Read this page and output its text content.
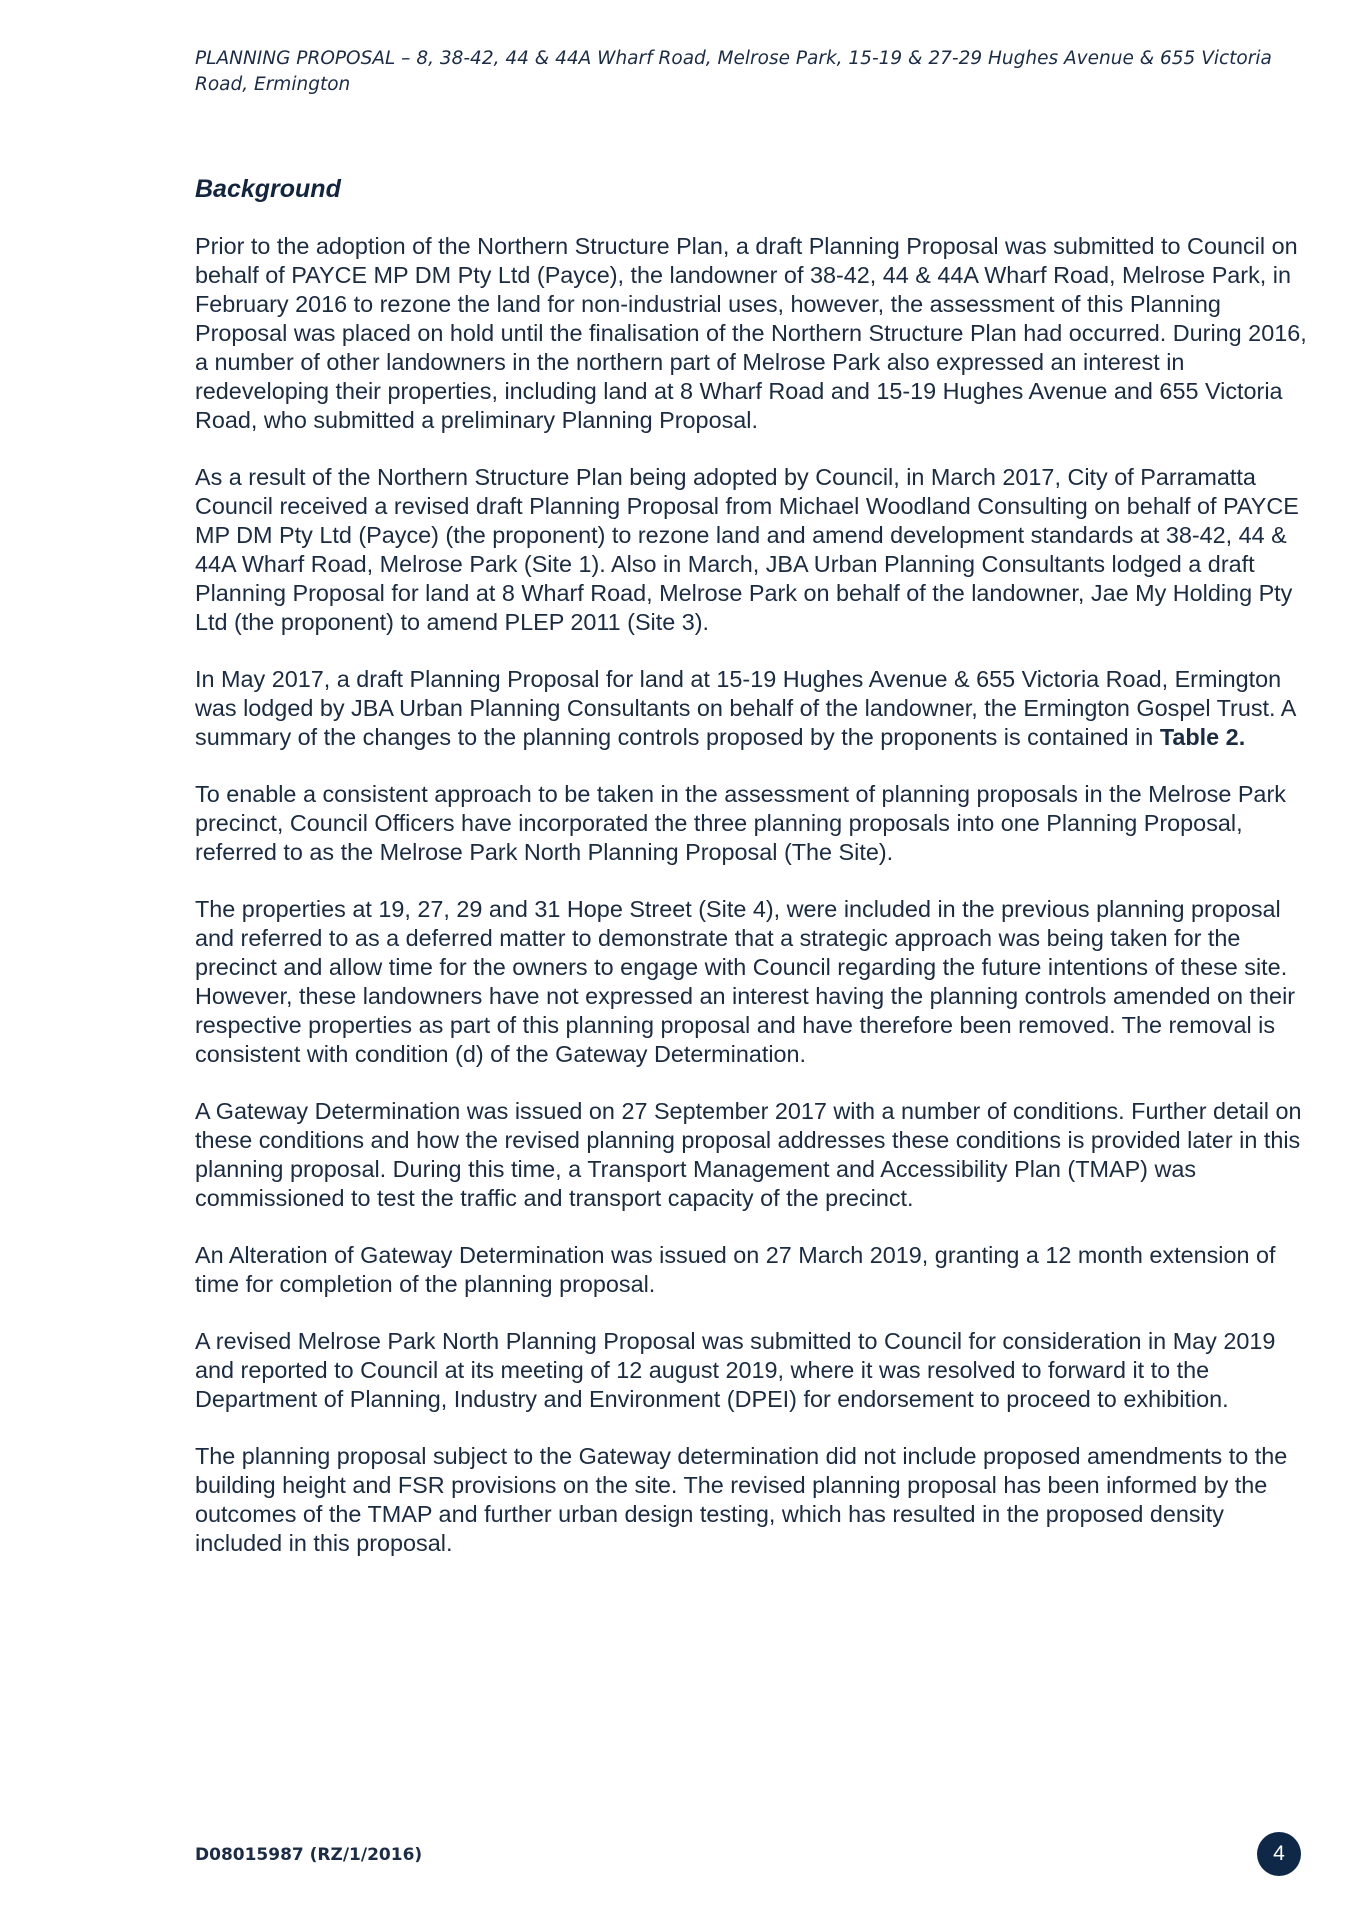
PLANNING PROPOSAL – 8, 38-42, 44 & 44A Wharf Road, Melrose Park, 15-19 & 27-29 Hughes Avenue & 655 Victoria Road, Ermington

Background

Prior to the adoption of the Northern Structure Plan, a draft Planning Proposal was submitted to Council on behalf of PAYCE MP DM Pty Ltd (Payce), the landowner of 38-42, 44 & 44A Wharf Road, Melrose Park, in February 2016 to rezone the land for non-industrial uses, however, the assessment of this Planning Proposal was placed on hold until the finalisation of the Northern Structure Plan had occurred. During 2016, a number of other landowners in the northern part of Melrose Park also expressed an interest in redeveloping their properties, including land at 8 Wharf Road and 15-19 Hughes Avenue and 655 Victoria Road, who submitted a preliminary Planning Proposal.

As a result of the Northern Structure Plan being adopted by Council, in March 2017, City of Parramatta Council received a revised draft Planning Proposal from Michael Woodland Consulting on behalf of PAYCE MP DM Pty Ltd (Payce) (the proponent) to rezone land and amend development standards at 38-42, 44 & 44A Wharf Road, Melrose Park (Site 1). Also in March, JBA Urban Planning Consultants lodged a draft Planning Proposal for land at 8 Wharf Road, Melrose Park on behalf of the landowner, Jae My Holding Pty Ltd (the proponent) to amend PLEP 2011 (Site 3).

In May 2017, a draft Planning Proposal for land at 15-19 Hughes Avenue & 655 Victoria Road, Ermington was lodged by JBA Urban Planning Consultants on behalf of the landowner, the Ermington Gospel Trust. A summary of the changes to the planning controls proposed by the proponents is contained in Table 2.

To enable a consistent approach to be taken in the assessment of planning proposals in the Melrose Park precinct, Council Officers have incorporated the three planning proposals into one Planning Proposal, referred to as the Melrose Park North Planning Proposal (The Site).

The properties at 19, 27, 29 and 31 Hope Street (Site 4), were included in the previous planning proposal and referred to as a deferred matter to demonstrate that a strategic approach was being taken for the precinct and allow time for the owners to engage with Council regarding the future intentions of these site. However, these landowners have not expressed an interest having the planning controls amended on their respective properties as part of this planning proposal and have therefore been removed. The removal is consistent with condition (d) of the Gateway Determination.

A Gateway Determination was issued on 27 September 2017 with a number of conditions. Further detail on these conditions and how the revised planning proposal addresses these conditions is provided later in this planning proposal. During this time, a Transport Management and Accessibility Plan (TMAP) was commissioned to test the traffic and transport capacity of the precinct.

An Alteration of Gateway Determination was issued on 27 March 2019, granting a 12 month extension of time for completion of the planning proposal.

A revised Melrose Park North Planning Proposal was submitted to Council for consideration in May 2019 and reported to Council at its meeting of 12 august 2019, where it was resolved to forward it to the Department of Planning, Industry and Environment (DPEI) for endorsement to proceed to exhibition.

The planning proposal subject to the Gateway determination did not include proposed amendments to the building height and FSR provisions on the site. The revised planning proposal has been informed by the outcomes of the TMAP and further urban design testing, which has resulted in the proposed density included in this proposal.

D08015987 (RZ/1/2016)	4
